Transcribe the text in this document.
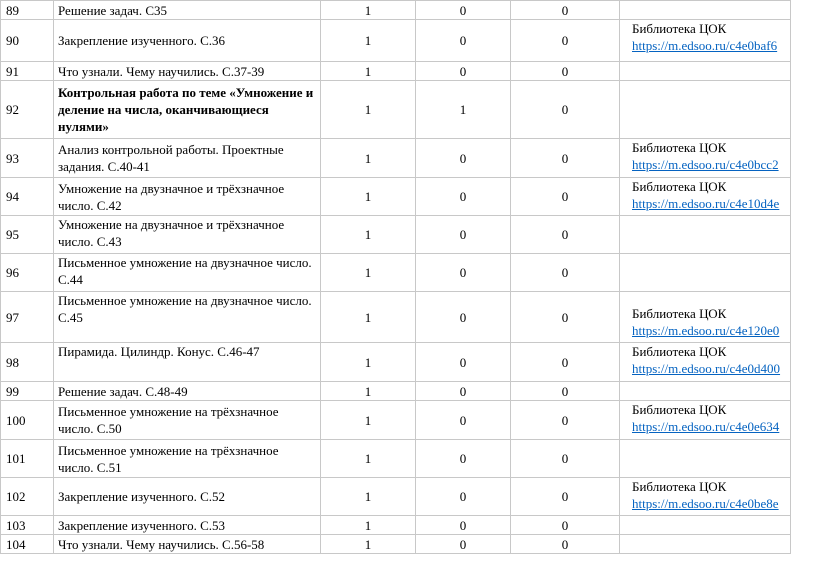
89	Решение задач. С35	1	0	0	
90	Закрепление изученного. С.36	1	0	0	Библиотека ЦОК
https://m.edsoo.ru/c4e0baf6
91	Что узнали. Чему научились. С.37-39	1	0	0	
92	Контрольная работа по теме «Умножение и деление на числа, оканчивающиеся нулями»	1	1	0	
93	Анализ контрольной работы. Проектные задания. С.40-41	1	0	0	Библиотека ЦОК
https://m.edsoo.ru/c4e0bcc2
94	Умножение на двузначное и трёхзначное число. С.42	1	0	0	Библиотека ЦОК
https://m.edsoo.ru/c4e10d4e
95	Умножение на двузначное и трёхзначное число. С.43	1	0	0	
96	Письменное умножение на двузначное число. С.44	1	0	0	
97	Письменное умножение на двузначное число. С.45	1	0	0	Библиотека ЦОК
https://m.edsoo.ru/c4e120e0
98	Пирамида. Цилиндр. Конус. С.46-47	1	0	0	Библиотека ЦОК
https://m.edsoo.ru/c4e0d400
99	Решение задач. С.48-49	1	0	0	
100	Письменное умножение на трёхзначное число. С.50	1	0	0	Библиотека ЦОК
https://m.edsoo.ru/c4e0e634
101	Письменное умножение на трёхзначное число. С.51	1	0	0	
102	Закрепление изученного. С.52	1	0	0	Библиотека ЦОК
https://m.edsoo.ru/c4e0be8e
103	Закрепление изученного. С.53	1	0	0	
104	Что узнали. Чему научились. С.56-58	1	0	0	
